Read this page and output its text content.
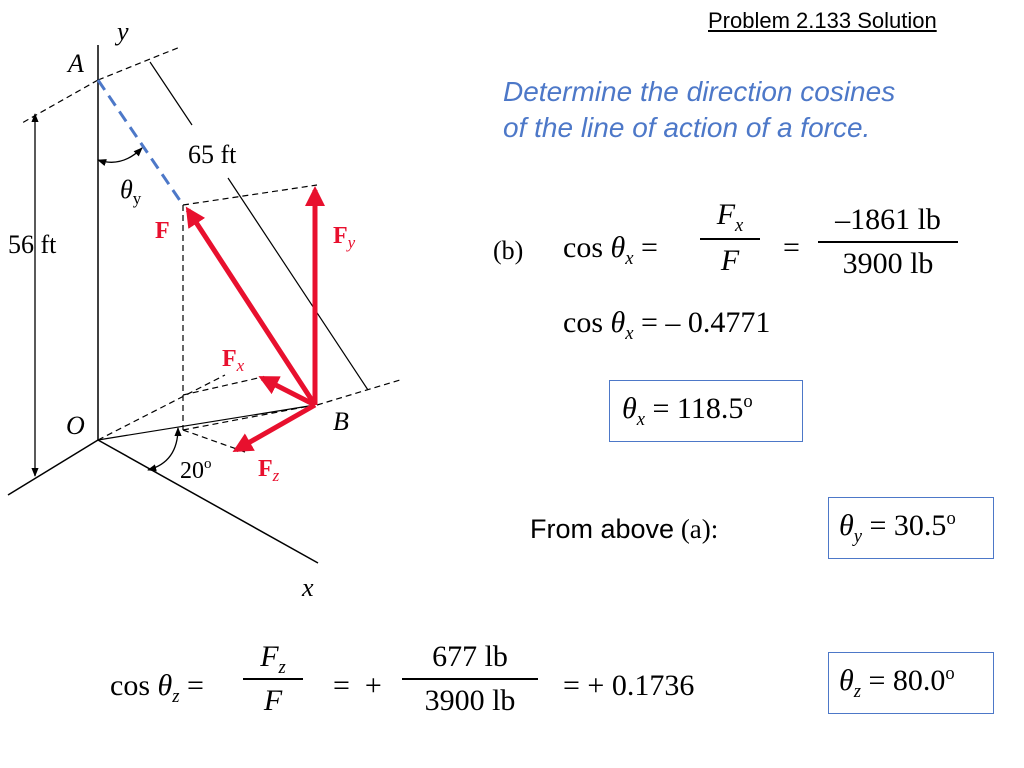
Problem 2.133 Solution
Determine the direction cosines
of the line of action of a force.
y
A
65 ft
56 ft
$\theta_y$
F	$F_y$
$F_x$
$F_z$
O	B
20$^o$
x
(b) $\cos \theta_x$ =
$F_x$
F	=
–1861 lb
3900 lb
$\cos \theta_x$ = – 0.4771
$\theta_x = 118.5^o$
From above (a):	$\theta_y = 30.5^o$
$\cos \theta_z$ =
$F_z$
F	= +
677 lb
3900 lb	= + 0.1736	$\theta_z = 80.0^o$
